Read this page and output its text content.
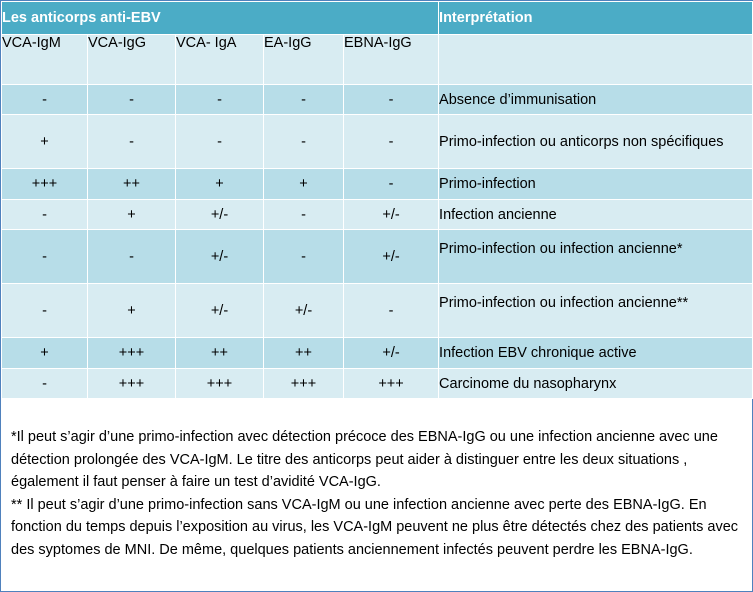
Les anticorps anti-EBV					Interprétation
VCA-IgM	VCA-IgG	VCA- IgA	EA-IgG	EBNA-IgG	
-	-	-	-	-	Absence d’immunisation
+	-	-	-	-	Primo-infection ou anticorps non spécifiques
+++	++	+	+	-	Primo-infection
-	+	+/-	-	+/-	Infection ancienne
-	-	+/-	-	+/-	Primo-infection ou infection ancienne*
-	+	+/-	+/-	-	Primo-infection ou infection ancienne**
+	+++	++	++	+/-	Infection EBV chronique active
-	+++	+++	+++	+++	Carcinome du nasopharynx

*Il peut s’agir d’une primo-infection avec détection précoce des EBNA-IgG ou une infection ancienne avec une détection prolongée des VCA-IgM. Le titre des anticorps peut aider à distinguer entre les deux situations , également il faut penser à faire un test d’avidité VCA-IgG.

** Il peut s’agir d’une primo-infection sans VCA-IgM ou une infection ancienne avec perte des EBNA-IgG. En fonction du temps depuis l’exposition au virus, les VCA-IgM peuvent ne plus être détectés chez des patients avec des syptomes de MNI. De même, quelques patients anciennement infectés peuvent perdre les EBNA-IgG.
